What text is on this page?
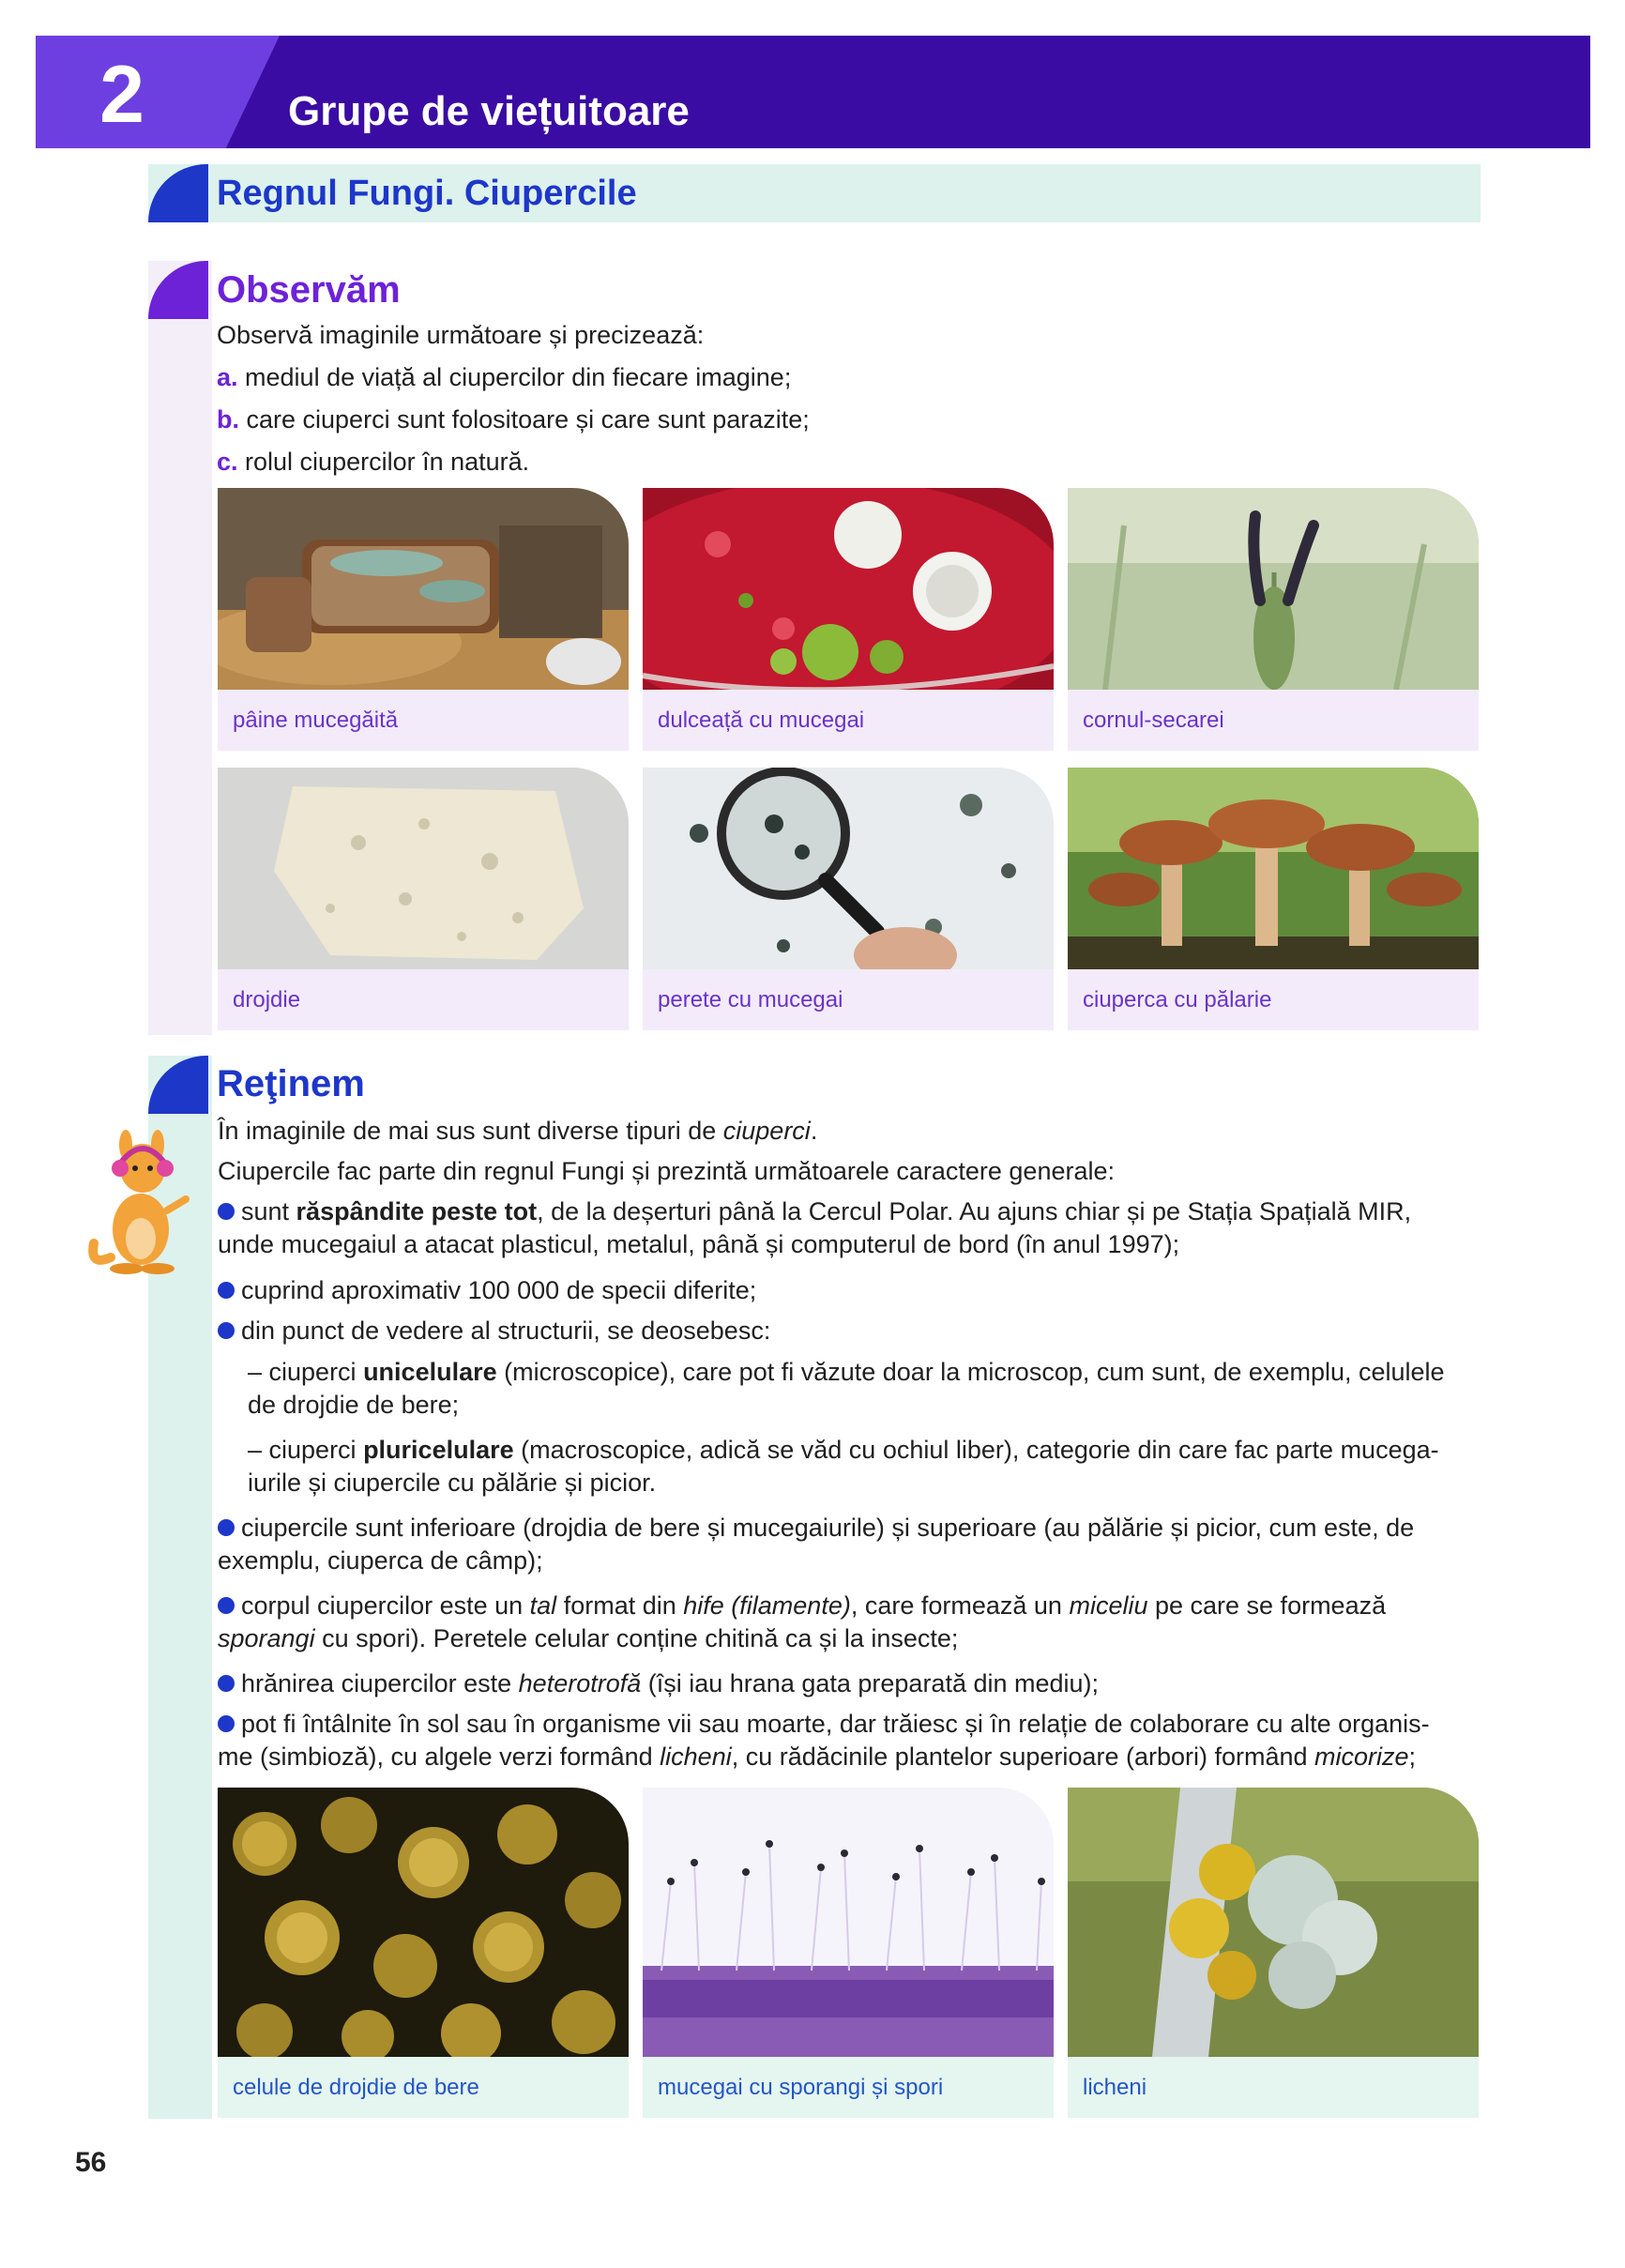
2	Grupe de viețuitoare
Regnul Fungi. Ciupercile
Observăm
Observă imaginile următoare și precizează:
a. mediul de viață al ciupercilor din fiecare imagine;
b. care ciuperci sunt folositoare și care sunt parazite;
c. rolul ciupercilor în natură.
pâine mucegăită	dulceață cu mucegai	cornul-secarei
drojdie	perete cu mucegai	ciuperca cu pălarie
Reţinem
În imaginile de mai sus sunt diverse tipuri de ciuperci.
Ciupercile fac parte din regnul Fungi și prezintă următoarele caractere generale:
sunt răspândite peste tot, de la deșerturi până la Cercul Polar. Au ajuns chiar și pe Stația Spațială MIR,
unde mucegaiul a atacat plasticul, metalul, până și computerul de bord (în anul 1997);
cuprind aproximativ 100 000 de specii diferite;
din punct de vedere al structurii, se deosebesc:
– ciuperci unicelulare (microscopice), care pot fi văzute doar la microscop, cum sunt, de exemplu, celulele
de drojdie de bere;
– ciuperci pluricelulare (macroscopice, adică se văd cu ochiul liber), categorie din care fac parte mucega-
iurile și ciupercile cu pălărie și picior.
ciupercile sunt inferioare (drojdia de bere și mucegaiurile) și superioare (au pălărie și picior, cum este, de
exemplu, ciuperca de câmp);
corpul ciupercilor este un tal format din hife (filamente), care formează un miceliu pe care se formează
sporangi cu spori). Peretele celular conține chitină ca și la insecte;
hrănirea ciupercilor este heterotrofă (își iau hrana gata preparată din mediu);
pot fi întâlnite în sol sau în organisme vii sau moarte, dar trăiesc și în relație de colaborare cu alte organis-
me (simbioză), cu algele verzi formând licheni, cu rădăcinile plantelor superioare (arbori) formând micorize;
celule de drojdie de bere	mucegai cu sporangi și spori	licheni
56
